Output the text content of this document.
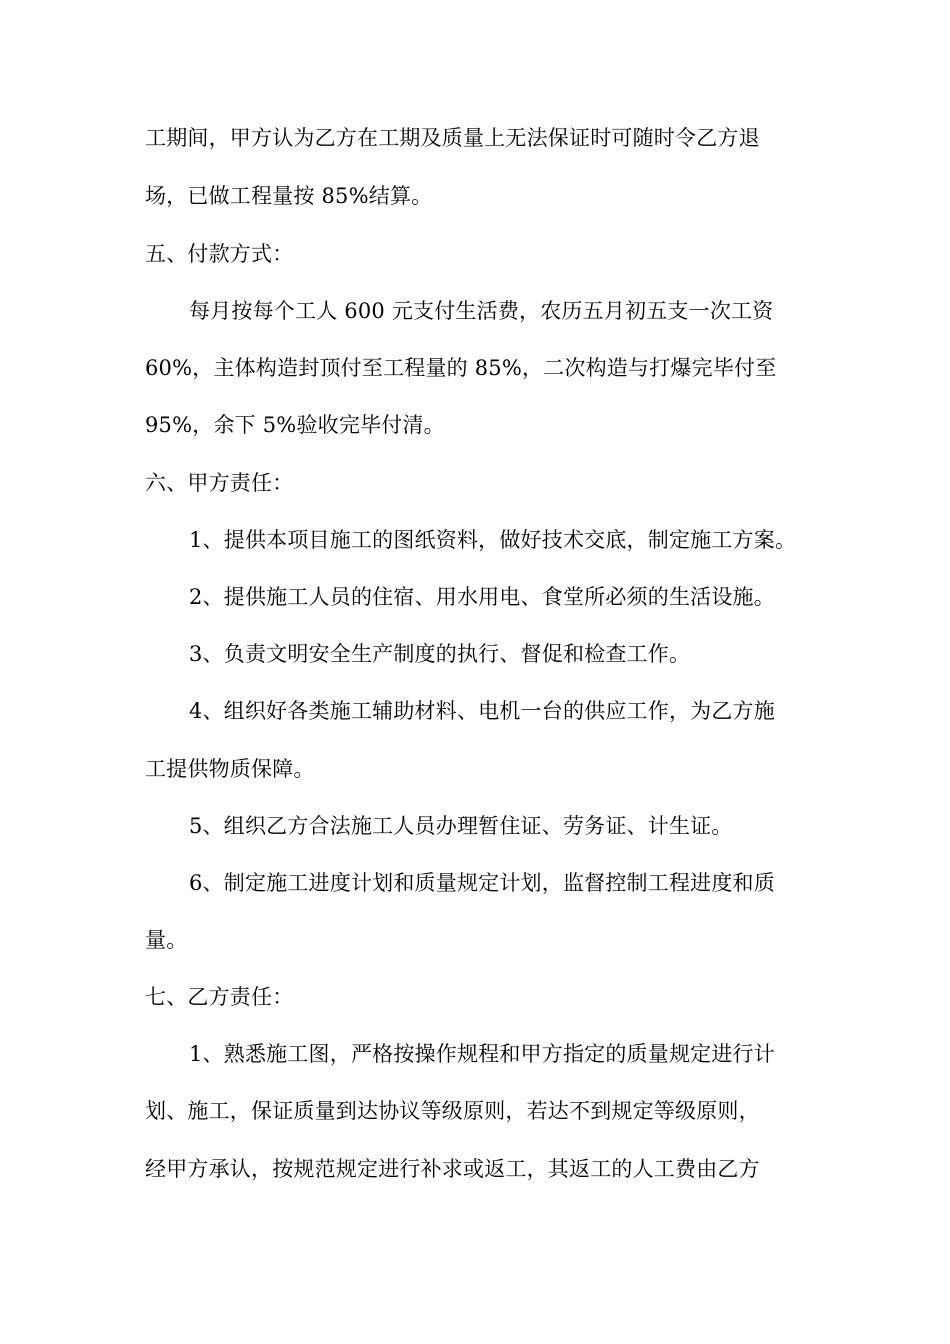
工期间，甲方认为乙方在工期及质量上无法保证时可随时令乙方退
场，已做工程量按 85%结算。
五、付款方式：
每月按每个工人 600 元支付生活费，农历五月初五支一次工资
60%，主体构造封顶付至工程量的 85%，二次构造与打爆完毕付至
95%，余下 5%验收完毕付清。
六、甲方责任：
1、提供本项目施工的图纸资料，做好技术交底，制定施工方案。
2、提供施工人员的住宿、用水用电、食堂所必须的生活设施。
3、负责文明安全生产制度的执行、督促和检查工作。
4、组织好各类施工辅助材料、电机一台的供应工作，为乙方施
工提供物质保障。
5、组织乙方合法施工人员办理暂住证、劳务证、计生证。
6、制定施工进度计划和质量规定计划，监督控制工程进度和质
量。
七、乙方责任：
1、熟悉施工图，严格按操作规程和甲方指定的质量规定进行计
划、施工，保证质量到达协议等级原则，若达不到规定等级原则，
经甲方承认，按规范规定进行补求或返工，其返工的人工费由乙方
